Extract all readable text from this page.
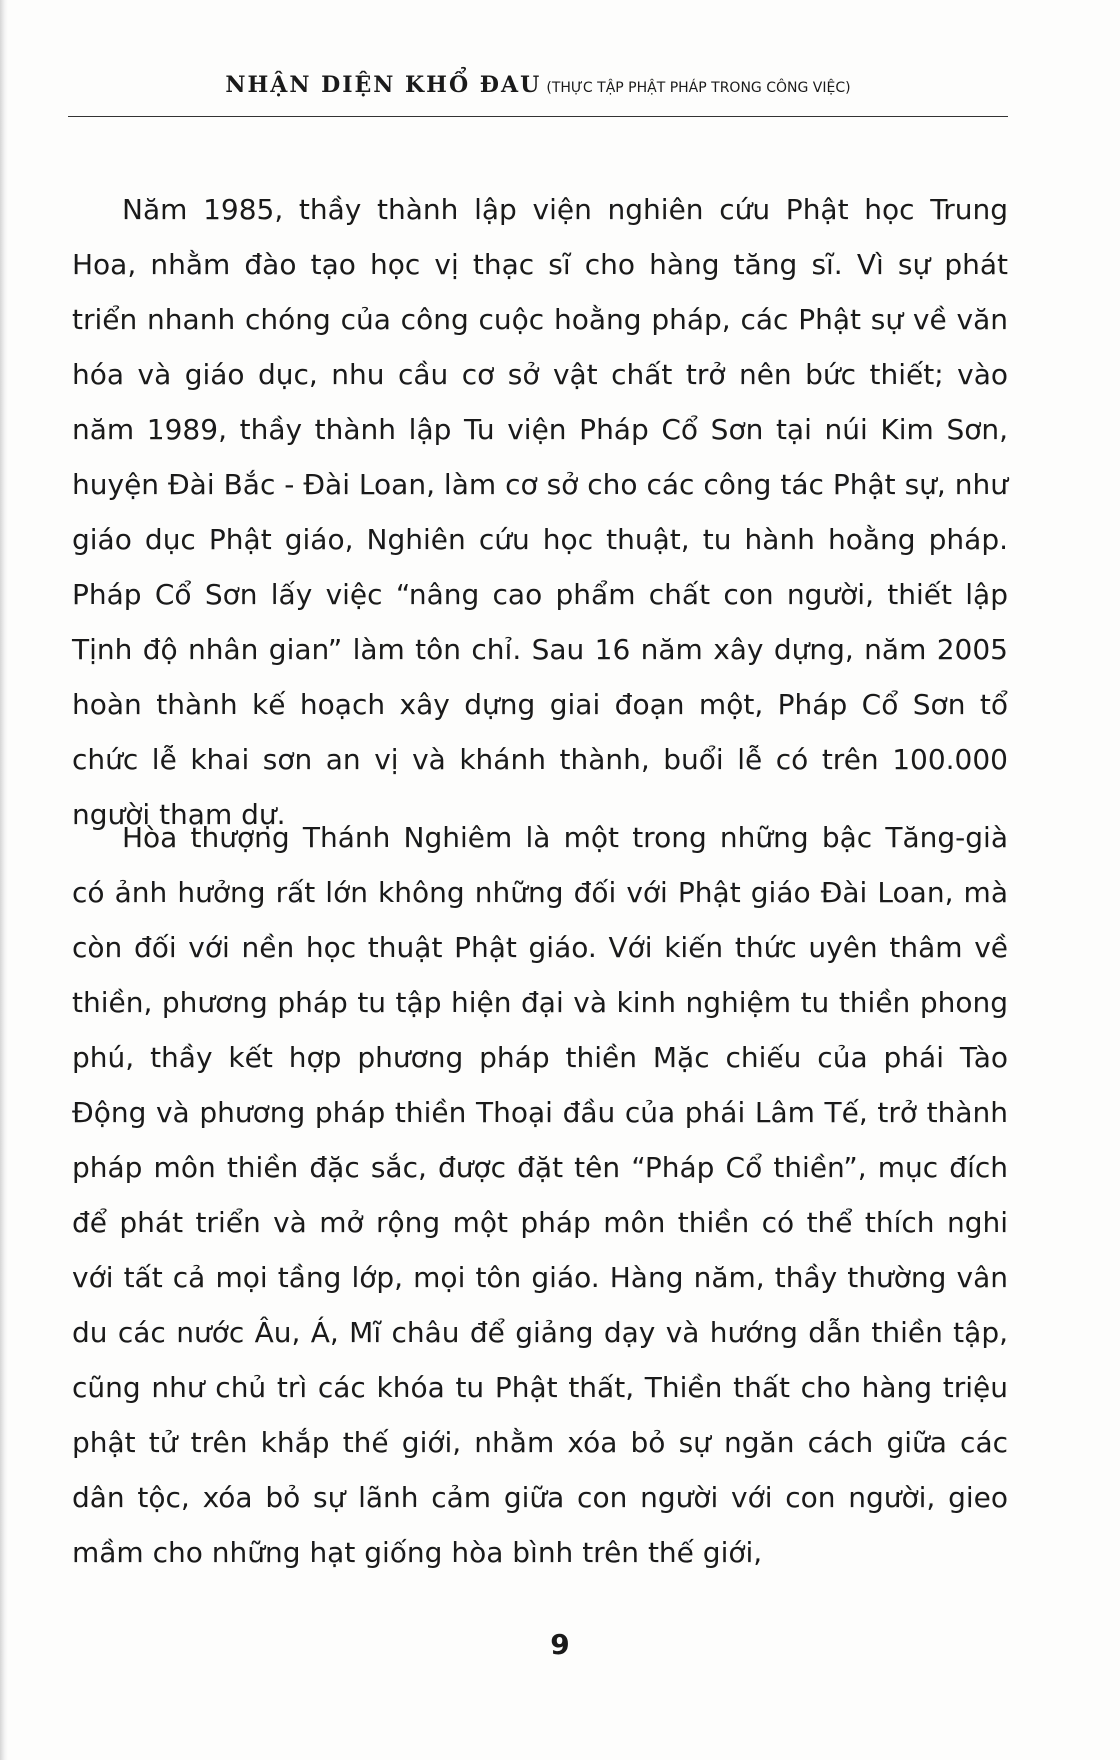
NHẬN DIỆN KHỔ ĐAU (THỰC TẬP PHẬT PHÁP TRONG CÔNG VIỆC)

Năm 1985, thầy thành lập viện nghiên cứu Phật học Trung Hoa, nhằm đào tạo học vị thạc sĩ cho hàng tăng sĩ. Vì sự phát triển nhanh chóng của công cuộc hoằng pháp, các Phật sự về văn hóa và giáo dục, nhu cầu cơ sở vật chất trở nên bức thiết; vào năm 1989, thầy thành lập Tu viện Pháp Cổ Sơn tại núi Kim Sơn, huyện Đài Bắc - Đài Loan, làm cơ sở cho các công tác Phật sự, như giáo dục Phật giáo, Nghiên cứu học thuật, tu hành hoằng pháp. Pháp Cổ Sơn lấy việc “nâng cao phẩm chất con người, thiết lập Tịnh độ nhân gian” làm tôn chỉ. Sau 16 năm xây dựng, năm 2005 hoàn thành kế hoạch xây dựng giai đoạn một, Pháp Cổ Sơn tổ chức lễ khai sơn an vị và khánh thành, buổi lễ có trên 100.000 người tham dự.

Hòa thượng Thánh Nghiêm là một trong những bậc Tăng-già có ảnh hưởng rất lớn không những đối với Phật giáo Đài Loan, mà còn đối với nền học thuật Phật giáo. Với kiến thức uyên thâm về thiền, phương pháp tu tập hiện đại và kinh nghiệm tu thiền phong phú, thầy kết hợp phương pháp thiền Mặc chiếu của phái Tào Động và phương pháp thiền Thoại đầu của phái Lâm Tế, trở thành pháp môn thiền đặc sắc, được đặt tên “Pháp Cổ thiền”, mục đích để phát triển và mở rộng một pháp môn thiền có thể thích nghi với tất cả mọi tầng lớp, mọi tôn giáo. Hàng năm, thầy thường vân du các nước Âu, Á, Mĩ châu để giảng dạy và hướng dẫn thiền tập, cũng như chủ trì các khóa tu Phật thất, Thiền thất cho hàng triệu phật tử trên khắp thế giới, nhằm xóa bỏ sự ngăn cách giữa các dân tộc, xóa bỏ sự lãnh cảm giữa con người với con người, gieo mầm cho những hạt giống hòa bình trên thế giới,

9
